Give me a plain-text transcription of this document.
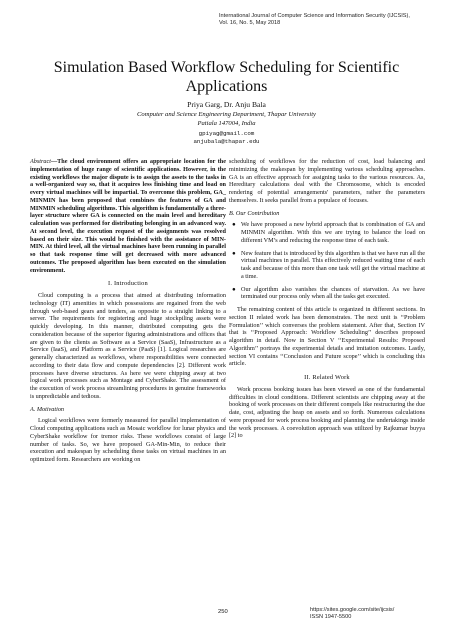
International Journal of Computer Science and Information Security (IJCSIS),
Vol. 16, No. 5, May 2018
Simulation Based Workflow Scheduling for Scientific Applications
Priya Garg, Dr. Anju Bala
Computer and Science Engineering Department, Thapar University
Patiala 147004, India
gpiyag@gmail.com
anjubala@thapar.edu

Abstract—The cloud environment offers an appropriate location for the implementation of huge range of scientific applications. However, in the existing workflows the major dispute is to assign the assets to the tasks in a well-organized way so, that it acquires less finishing time and load on every virtual machines will be impartial. To overcome this problem, GA_ MINMIN has been proposed that combines the features of GA and MINMIN scheduling algorithms. This algorithm is fundamentally a three-layer structure where GA is connected on the main level and hereditary calculation was performed for distributing belonging in an advanced way. At second level, the execution request of the assignments was resolved based on their size. This would be finished with the assistance of MIN-MIN. At third level, all the virtual machines have been running in parallel so that task response time will get decreased with more advanced outcomes. The proposed algorithm has been executed on the simulation environment.

I. Introduction

Cloud computing is a process that aimed at distributing information technology (IT) amenities in which possessions are regained from the web through web-based gears and tenders, as opposite to a straight linking to a server. The requirements for registering and huge stockpiling assets were quickly developing. In this manner, distributed computing gets the consideration because of the superior figuring administrations and offices that are given to the clients as Software as a Service (SaaS), Infrastructure as a Service (IaaS), and Platform as a Service (PaaS) [1]. Logical researches are generally characterized as workflows, where responsibilities were connected according to their data flow and compute dependencies [2]. Different work processes have diverse structures. As here we were chipping away at two logical work processes such as Montage and CyberShake. The assessment of the execution of work process streamlining procedures in genuine frameworks is unpredictable and tedious.

A. Motivation

Logical workflows were formerly measured for parallel implementation of Cloud computing applications such as Mosaic workflow for lunar physics and CyberShake workflow for tremor risks. These workflows consist of large number of tasks. So, we have proposed GA-Min-Min, to reduce their execution and makespan by scheduling these tasks on virtual machines in an optimized form. Researchers are working on

scheduling of workflows for the reduction of cost, load balancing and minimizing the makespan by implementing various scheduling approaches. GA is an effective approach for assigning tasks to the various resources. As, Hereditary calculations deal with the Chromosome, which is encoded rendering of potential arrangements' parameters, rather the parameters themselves. It seeks parallel from a populace of focuses.

B. Our Contribution
● We have proposed a new hybrid approach that is combination of GA and MINMIN algorithm. With this we are trying to balance the load on different VM’s and reducing the response time of each task.
● New feature that is introduced by this algorithm is that we have run all the virtual machines in parallel. This effectively reduced waiting time of each task and because of this more than one task will get the virtual machine at a time.
● Our algorithm also vanishes the chances of starvation. As we have terminated our process only when all the tasks get executed.

The remaining content of this article is organized in different sections. In section II related work has been demonstrates. The next unit is ‘‘Problem Formulation’’ which converses the problem statement. After that, Section IV that is ‘‘Proposed Approach: Workflow Scheduling’’ describes proposed algorithm in detail. Now in Section V ‘‘Experimental Results: Proposed Algorithm’’ portrays the experimental details and imitation outcomes. Lastly, section VI contains ‘‘Conclusion and Future scope’’ which is concluding this article.

II. Related Work

Work process booking issues has been viewed as one of the fundamental difficulties in cloud conditions. Different scientists are chipping away at the booking of work processes on their different compels like restructuring the due date, cost, adjusting the heap on assets and so forth. Numerous calculations were proposed for work process booking and planning the undertakings inside the work processes. A coevolution approach was utilized by Rajkumar buyya [2] to

250	https://sites.google.com/site/ijcsis/
ISSN 1947-5500
